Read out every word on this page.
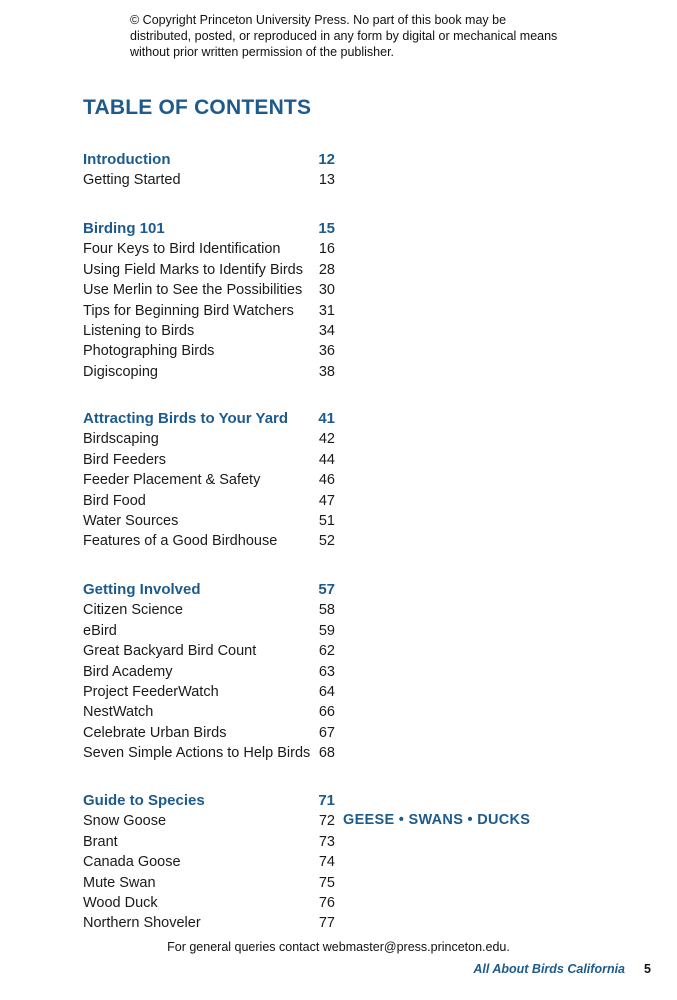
© Copyright Princeton University Press. No part of this book may be distributed, posted, or reproduced in any form by digital or mechanical means without prior written permission of the publisher.
TABLE OF CONTENTS
Introduction	12
Getting Started	13
Birding 101	15
Four Keys to Bird Identification	16
Using Field Marks to Identify Birds 28
Use Merlin to See the Possibilities 30
Tips for Beginning Bird Watchers 31
Listening to Birds	34
Photographing Birds	36
Digiscoping	38
Attracting Birds to Your Yard 41
Birdscaping	42
Bird Feeders	44
Feeder Placement & Safety	46
Bird Food	47
Water Sources	51
Features of a Good Birdhouse	52
Getting Involved	57
Citizen Science	58
eBird	59
Great Backyard Bird Count	62
Bird Academy	63
Project FeederWatch	64
NestWatch	66
Celebrate Urban Birds	67
Seven Simple Actions to Help Birds 68
Guide to Species	71
Snow Goose	72
Brant	73
Canada Goose	74
Mute Swan	75
Wood Duck	76
Northern Shoveler	77
GEESE • SWANS • DUCKS
For general queries contact webmaster@press.princeton.edu.
All About Birds California 5
